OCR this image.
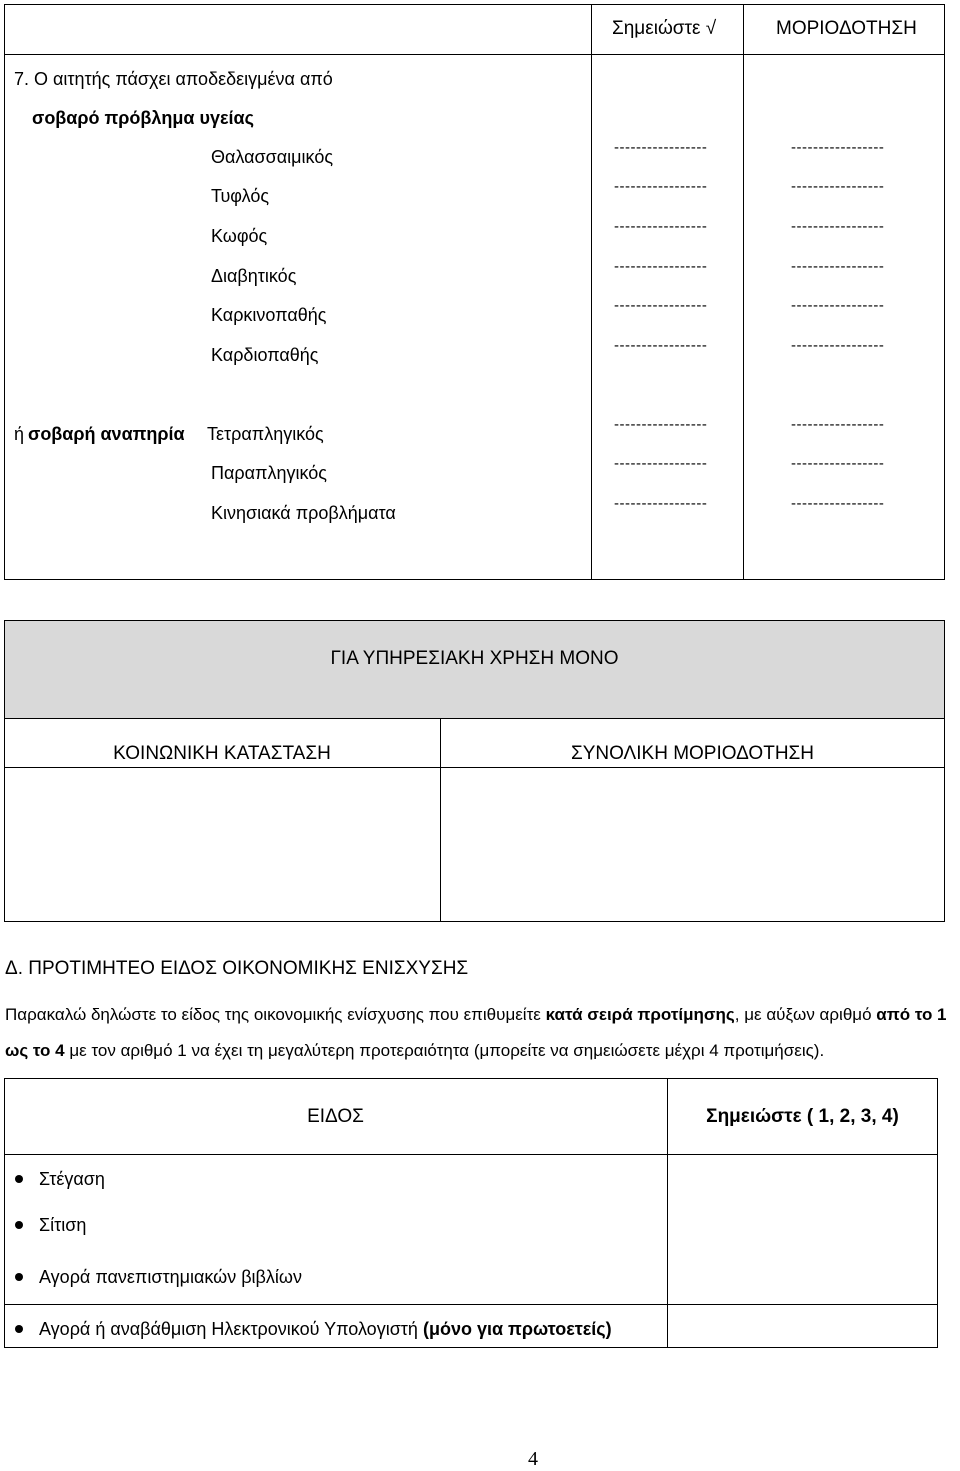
Σημειώστε √	ΜΟΡΙΟΔΟΤΗΣΗ
7. Ο αιτητής πάσχει αποδεδειγμένα από
σοβαρό πρόβλημα υγείας
Θαλασσαιμικός	-----------------	-----------------
Τυφλός	-----------------	-----------------
Κωφός	-----------------	-----------------
Διαβητικός	-----------------	-----------------
Καρκινοπαθής	-----------------	-----------------
Καρδιοπαθής	-----------------	-----------------
ή σοβαρή αναπηρία Τετραπληγικός	-----------------	-----------------
Παραπληγικός	-----------------	-----------------
Κινησιακά προβλήματα	-----------------	-----------------
ΓΙΑ ΥΠΗΡΕΣΙΑΚΗ ΧΡΗΣΗ ΜΟΝΟ
ΚΟΙΝΩΝΙΚΗ ΚΑΤΑΣΤΑΣΗ	ΣΥΝΟΛΙΚΗ ΜΟΡΙΟΔΟΤΗΣΗ
Δ. ΠΡΟΤΙΜΗΤΕΟ ΕΙΔΟΣ ΟΙΚΟΝΟΜΙΚΗΣ ΕΝΙΣΧΥΣΗΣ
Παρακαλώ δηλώστε το είδος της οικονομικής ενίσχυσης που επιθυμείτε κατά σειρά προτίμησης, με αύξων αριθμό από το 1
ως το 4 με τον αριθμό 1 να έχει τη μεγαλύτερη προτεραιότητα (μπορείτε να σημειώσετε μέχρι 4 προτιμήσεις).
ΕΙΔΟΣ	Σημειώστε ( 1, 2, 3, 4)
Στέγαση
Σίτιση
Αγορά πανεπιστημιακών βιβλίων
Αγορά ή αναβάθμιση Ηλεκτρονικού Υπολογιστή (μόνο για πρωτοετείς)
4
